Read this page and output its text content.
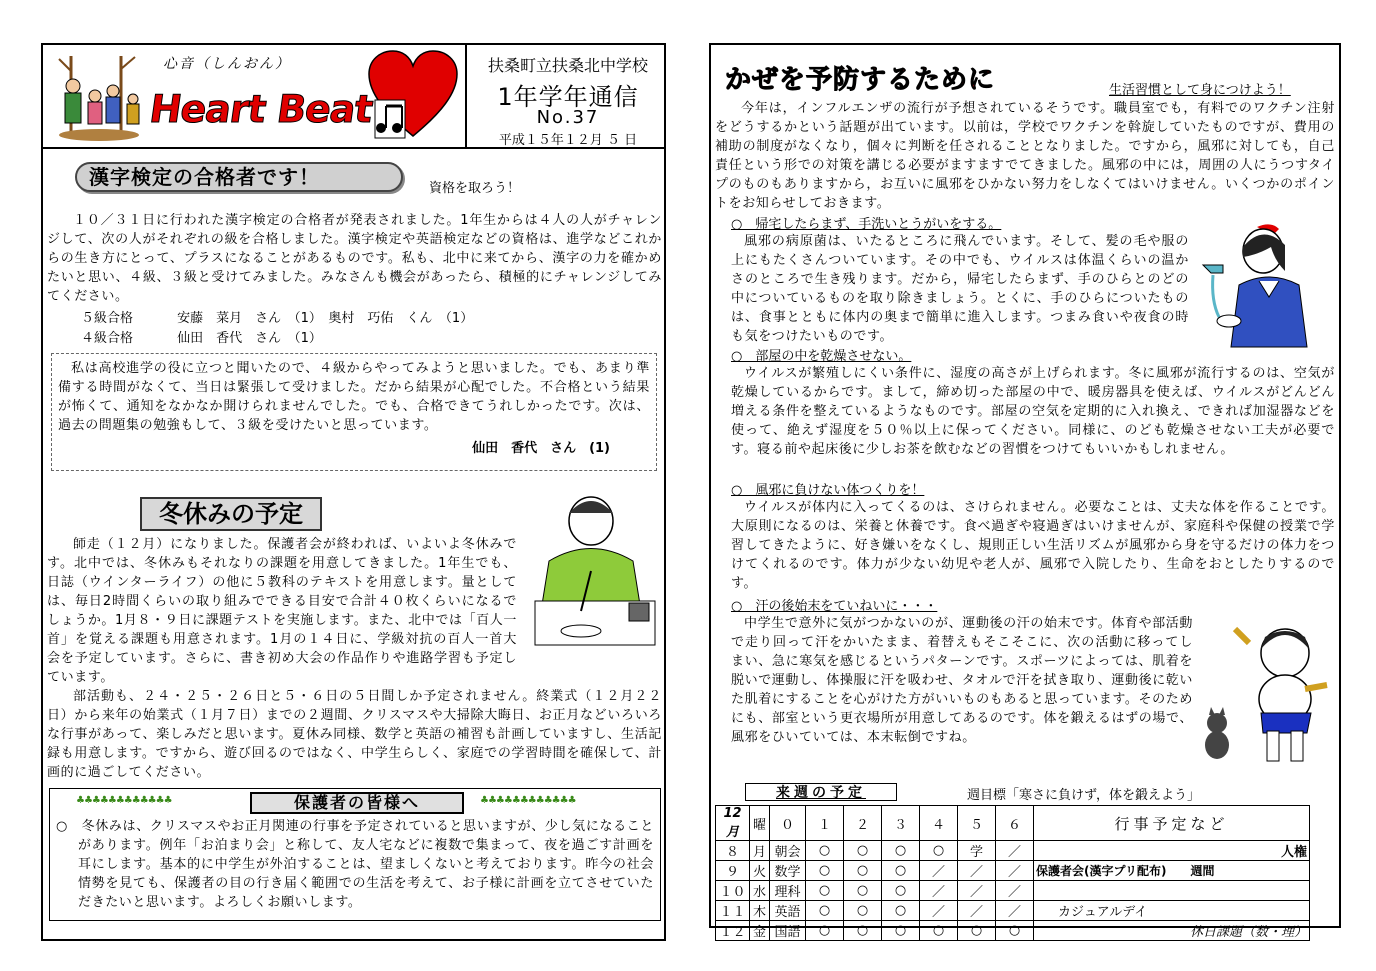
心音（しんおん）
Heart Beat
扶桑町立扶桑北中学校
1年学年通信
No.37
平成１５年１２月 ５ 日
漢字検定の合格者です！	資格を取ろう！

１０／３１日に行われた漢字検定の合格者が発表されました。1年生からは４人の人がチャレンジして、次の人がそれぞれの級を合格しました。漢字検定や英語検定などの資格は、進学などこれからの生き方にとって、プラスになることがあるものです。私も、北中に来てから、漢字の力を確かめたいと思い、４級、３級と受けてみました。みなさんも機会があったら、積極的にチャレンジしてみてください。

５級合格	安藤　菜月　さん　（1）　奥村　巧佑　くん　（1）
４級合格	仙田　香代　さん　（1）

私は高校進学の役に立つと聞いたので、４級からやってみようと思いました。でも、あまり準備する時間がなくて、当日は緊張して受けました。だから結果が心配でした。不合格という結果が怖くて、通知をなかなか開けられませんでした。でも、合格できてうれしかったです。次は、過去の問題集の勉強もして、３級を受けたいと思っています。

仙田　香代　さん　(1)
冬休みの予定

師走（１２月）になりました。保護者会が終われば、いよいよ冬休みです。北中では、冬休みもそれなりの課題を用意してきました。1年生でも、日誌（ウインターライフ）の他に５教科のテキストを用意します。量としては、毎日2時間くらいの取り組みでできる目安で合計４０枚くらいになるでしょうか。1月８・９日に課題テストを実施します。また、北中では「百人一首」を覚える課題も用意されます。1月の１４日に、学級対抗の百人一首大会を予定しています。さらに、書き初め大会の作品作りや進路学習も予定しています。

部活動も、２４・２５・２６日と５・６日の５日間しか予定されません。終業式（１２月２２日）から来年の始業式（１月７日）までの２週間、クリスマスや大掃除大晦日、お正月などいろいろな行事があって、楽しみだと思います。夏休み同様、数学と英語の補習も計画していますし、生活記録も用意します。ですから、遊び回るのではなく、中学生らしく、家庭での学習時間を確保して、計画的に過ごしてください。

♣♣♣♣♣♣♣♣♣♣♣♣	保護者の皆様へ	♣♣♣♣♣♣♣♣♣♣♣♣

○　冬休みは、クリスマスやお正月関連の行事を予定されていると思いますが、少し気になることがあります。例年「お泊まり会」と称して、友人宅などに複数で集まって、夜を過ごす計画を耳にします。基本的に中学生が外泊することは、望ましくないと考えております。昨今の社会情勢を見ても、保護者の目の行き届く範囲での生活を考えて、お子様に計画を立てさせていただきたいと思います。よろしくお願いします。

かぜを予防するために	生活習慣として身につけよう！

今年は，インフルエンザの流行が予想されているそうです。職員室でも，有料でのワクチン注射をどうするかという話題が出ています。以前は，学校でワクチンを斡旋していたものですが、費用の補助の制度がなくなり，個々に判断を任されることとなりました。ですから，風邪に対しても，自己責任という形での対策を講じる必要がますますでてきました。風邪の中には，周囲の人にうつすタイプのものもありますから，お互いに風邪をひかない努力をしなくてはいけません。いくつかのポイントをお知らせしておきます。

○　帰宅したらまず、手洗いとうがいをする。

風邪の病原菌は、いたるところに飛んでいます。そして、髪の毛や服の上にもたくさんついています。その中でも、ウイルスは体温くらいの温かさのところで生き残ります。だから，帰宅したらまず、手のひらとのどの中についているものを取り除きましょう。とくに、手のひらについたものは、食事とともに体内の奥まで簡単に進入します。つまみ食いや夜食の時も気をつけたいものです。

○　部屋の中を乾燥させない。

ウイルスが繁殖しにくい条件に、湿度の高さが上げられます。冬に風邪が流行するのは、空気が乾燥しているからです。まして，締め切った部屋の中で、暖房器具を使えば、ウイルスがどんどん増える条件を整えているようなものです。部屋の空気を定期的に入れ換え、できれば加湿器などを使って、絶えず湿度を５０％以上に保ってください。同様に、のども乾燥させない工夫が必要です。寝る前や起床後に少しお茶を飲むなどの習慣をつけてもいいかもしれません。

○　風邪に負けない体つくりを！

ウイルスが体内に入ってくるのは、さけられません。必要なことは、丈夫な体を作ることです。大原則になるのは、栄養と休養です。食べ過ぎや寝過ぎはいけませんが、家庭科や保健の授業で学習してきたように、好き嫌いをなくし、規則正しい生活リズムが風邪から身を守るだけの体力をつけてくれるのです。体力が少ない幼児や老人が、風邪で入院したり、生命をおとしたりするのです。

○　汗の後始末をていねいに・・・

中学生で意外に気がつかないのが、運動後の汗の始末です。体育や部活動で走り回って汗をかいたまま、着替えもそこそこに、次の活動に移ってしまい、急に寒気を感じるというパターンです。スポーツによっては、肌着を脱いで運動し、体操服に汗を吸わせ、タオルで汗を拭き取り、運動後に乾いた肌着にすることを心がけた方がいいものもあると思っています。そのためにも、部室という更衣場所が用意してあるのです。体を鍛えるはずの場で、風邪をひいていては、本末転倒ですね。

来週の予定	週目標「寒さに負けず，体を鍛えよう」
12月	曜	０	１	２	３	４	５	６	行事予定など
８	月	朝会	○	○	○	○	学	／	人権
９	火	数学	○	○	○	／	／	／	保護者会(漢字プリ配布)　　週間
１０	水	理科	○	○	○	／	／	／	
１１	木	英語	○	○	○	／	／	／	カジュアルデイ
１２	金	国語	○	○	○	○	○	○	休日課題（数・理）
